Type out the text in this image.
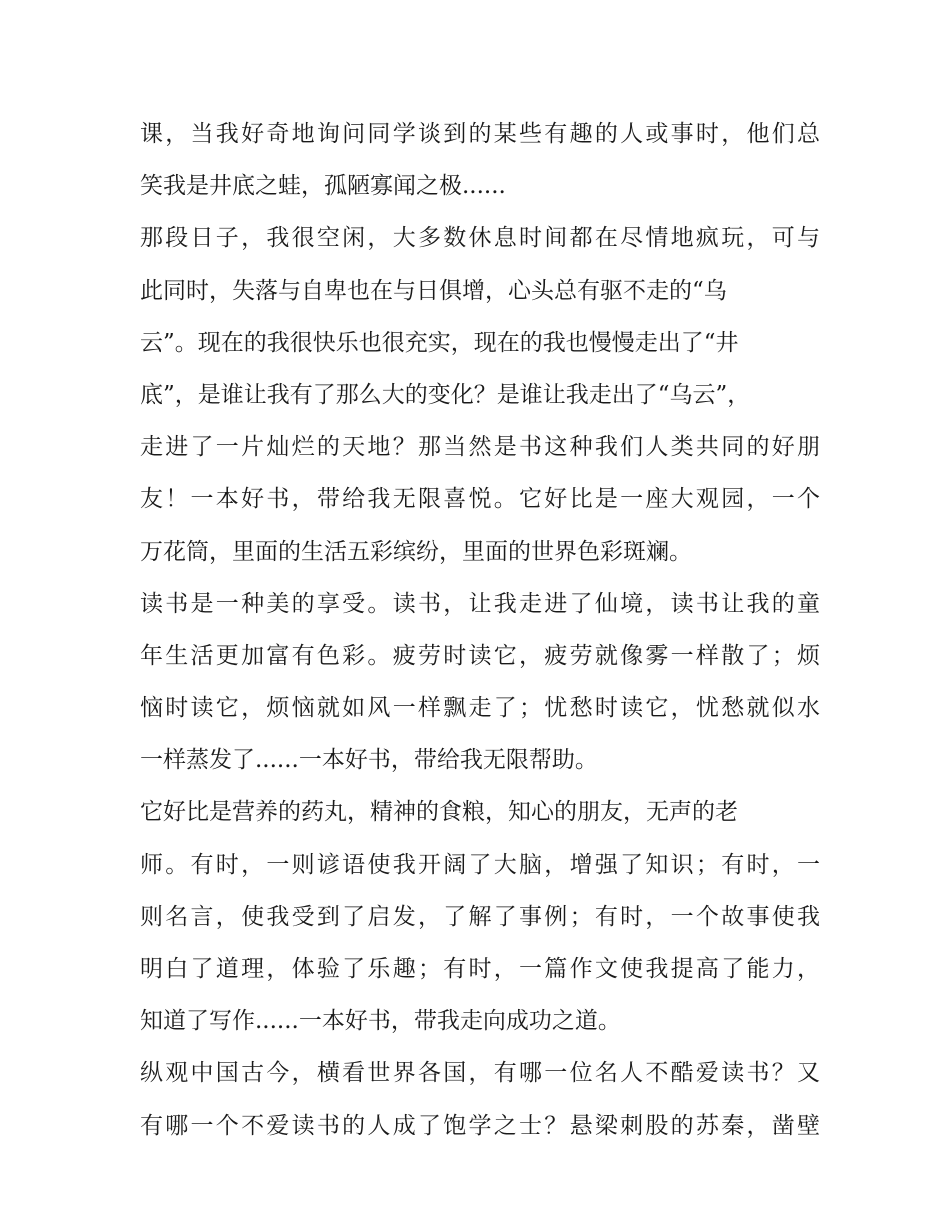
课，当我好奇地询问同学谈到的某些有趣的人或事时，他们总
笑我是井底之蛙，孤陋寡闻之极......
那段日子，我很空闲，大多数休息时间都在尽情地疯玩，可与
此同时，失落与自卑也在与日俱增，心头总有驱不走的“乌
云”。现在的我很快乐也很充实，现在的我也慢慢走出了“井
底”，是谁让我有了那么大的变化？是谁让我走出了“乌云”，
走进了一片灿烂的天地？那当然是书这种我们人类共同的好朋
友！一本好书，带给我无限喜悦。它好比是一座大观园，一个
万花筒，里面的生活五彩缤纷，里面的世界色彩斑斓。
读书是一种美的享受。读书，让我走进了仙境，读书让我的童
年生活更加富有色彩。疲劳时读它，疲劳就像雾一样散了；烦
恼时读它，烦恼就如风一样飘走了；忧愁时读它，忧愁就似水
一样蒸发了......一本好书，带给我无限帮助。
它好比是营养的药丸，精神的食粮，知心的朋友，无声的老
师。有时，一则谚语使我开阔了大脑，增强了知识；有时，一
则名言，使我受到了启发，了解了事例；有时，一个故事使我
明白了道理，体验了乐趣；有时，一篇作文使我提高了能力，
知道了写作......一本好书，带我走向成功之道。
纵观中国古今，横看世界各国，有哪一位名人不酷爱读书？又
有哪一个不爱读书的人成了饱学之士？悬梁刺股的苏秦，凿壁
